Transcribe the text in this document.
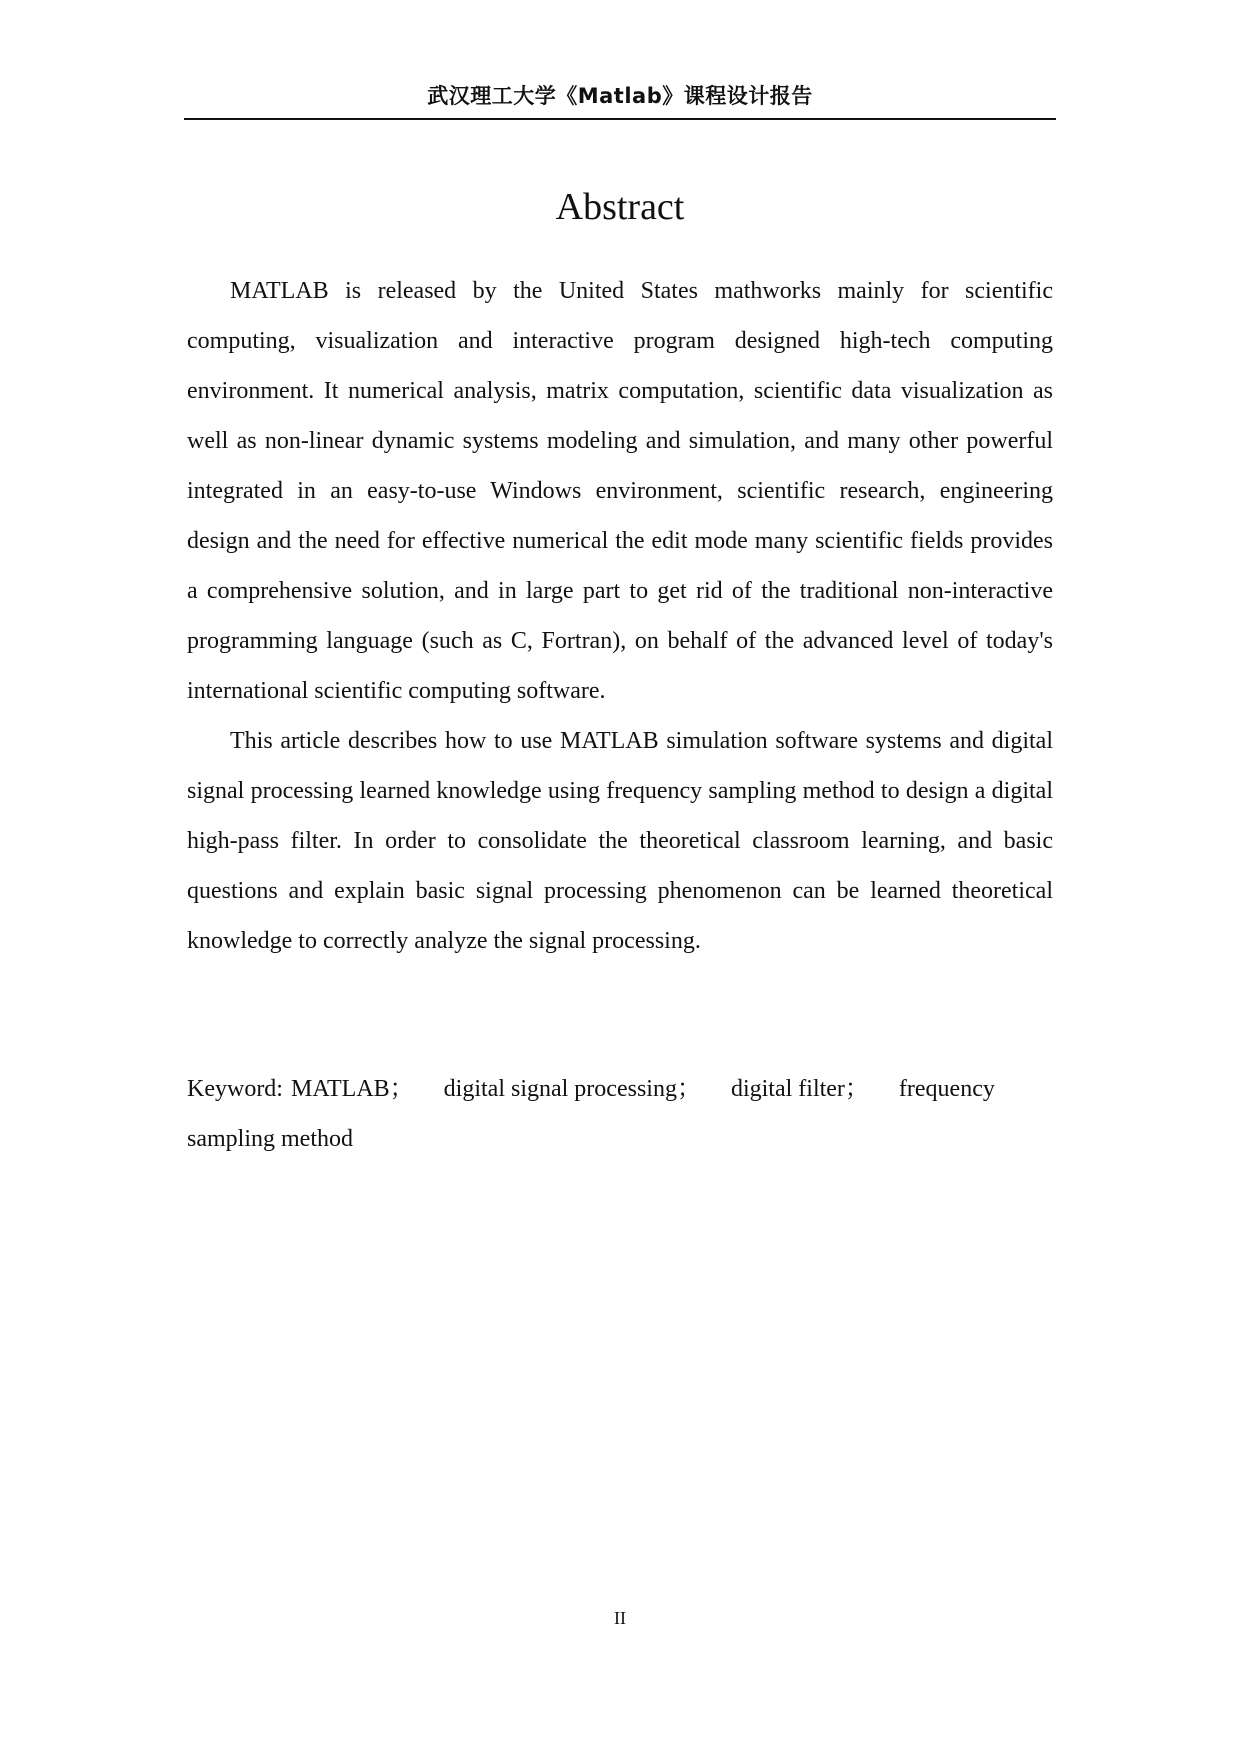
武汉理工大学《Matlab》课程设计报告
Abstract

MATLAB is released by the United States mathworks mainly for scientific computing, visualization and interactive program designed high-tech computing environment. It numerical analysis, matrix computation, scientific data visualization as well as non-linear dynamic systems modeling and simulation, and many other powerful integrated in an easy-to-use Windows environment, scientific research, engineering design and the need for effective numerical the edit mode many scientific fields provides a comprehensive solution, and in large part to get rid of the traditional non-interactive programming language (such as C, Fortran), on behalf of the advanced level of today's international scientific computing software.

This article describes how to use MATLAB simulation software systems and digital signal processing learned knowledge using frequency sampling method to design a digital high-pass filter. In order to consolidate the theoretical classroom learning, and basic questions and explain basic signal processing phenomenon can be learned theoretical knowledge to correctly analyze the signal processing.

Keyword: MATLAB； digital signal processing； digital filter； frequency sampling method
II
